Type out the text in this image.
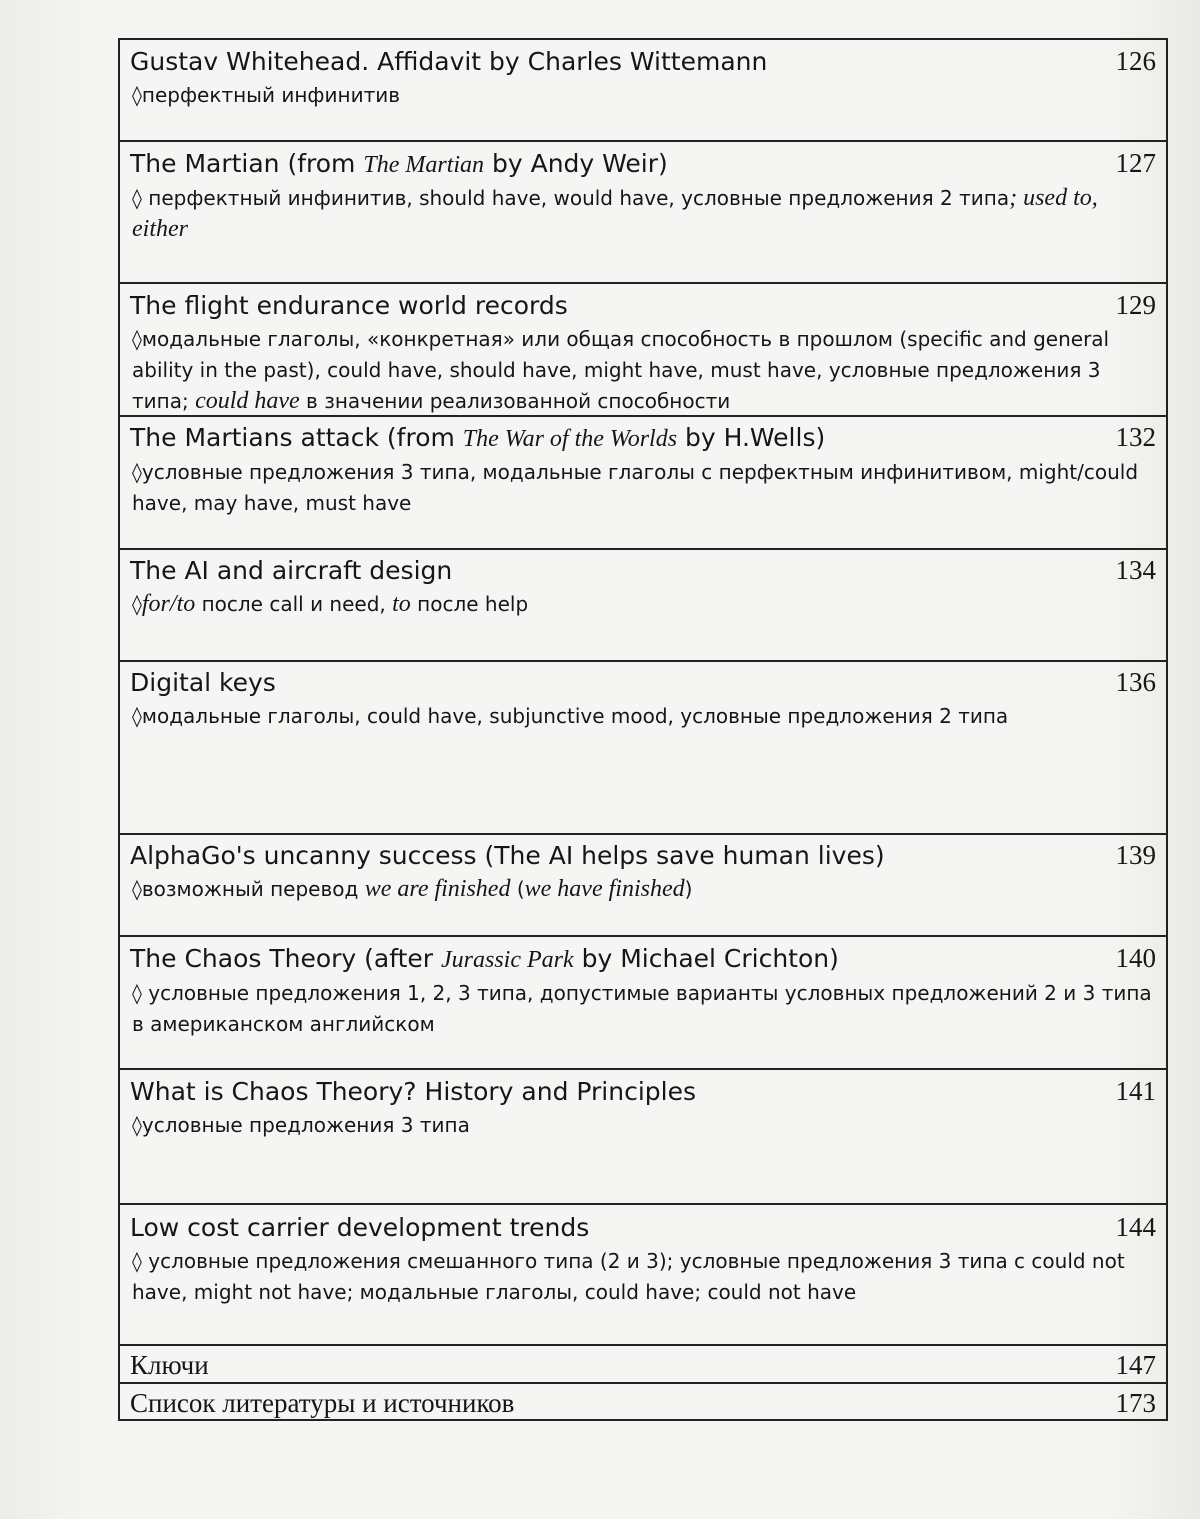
Gustav Whitehead. Affidavit by Charles Wittemann	126
◊перфектный инфинитив
The Martian (from The Martian by Andy Weir)	127
◊ перфектный инфинитив, should have, would have, условные предложения 2 типа; used to, either
The flight endurance world records	129
◊модальные глаголы, «конкретная» или общая способность в прошлом (specific and general ability in the past), could have, should have, might have, must have, условные предложения 3 типа; could have в значении реализованной способности
The Martians attack (from The War of the Worlds by H.Wells)	132
◊условные предложения 3 типа, модальные глаголы с перфектным инфинитивом, might/could have, may have, must have
The AI and aircraft design	134
◊for/to после call и need, to после help
Digital keys	136
◊модальные глаголы, could have, subjunctive mood, условные предложения 2 типа
AlphaGo's uncanny success (The AI helps save human lives)	139
◊возможный перевод we are finished (we have finished)
The Chaos Theory (after Jurassic Park by Michael Crichton)	140
◊ условные предложения 1, 2, 3 типа, допустимые варианты условных предложений 2 и 3 типа в американском английском
What is Chaos Theory? History and Principles	141
◊условные предложения 3 типа
Low cost carrier development trends	144
◊ условные предложения смешанного типа (2 и 3); условные предложения 3 типа с could not have, might not have; модальные глаголы, could have; could not have
Ключи	147
Список литературы и источников	173
